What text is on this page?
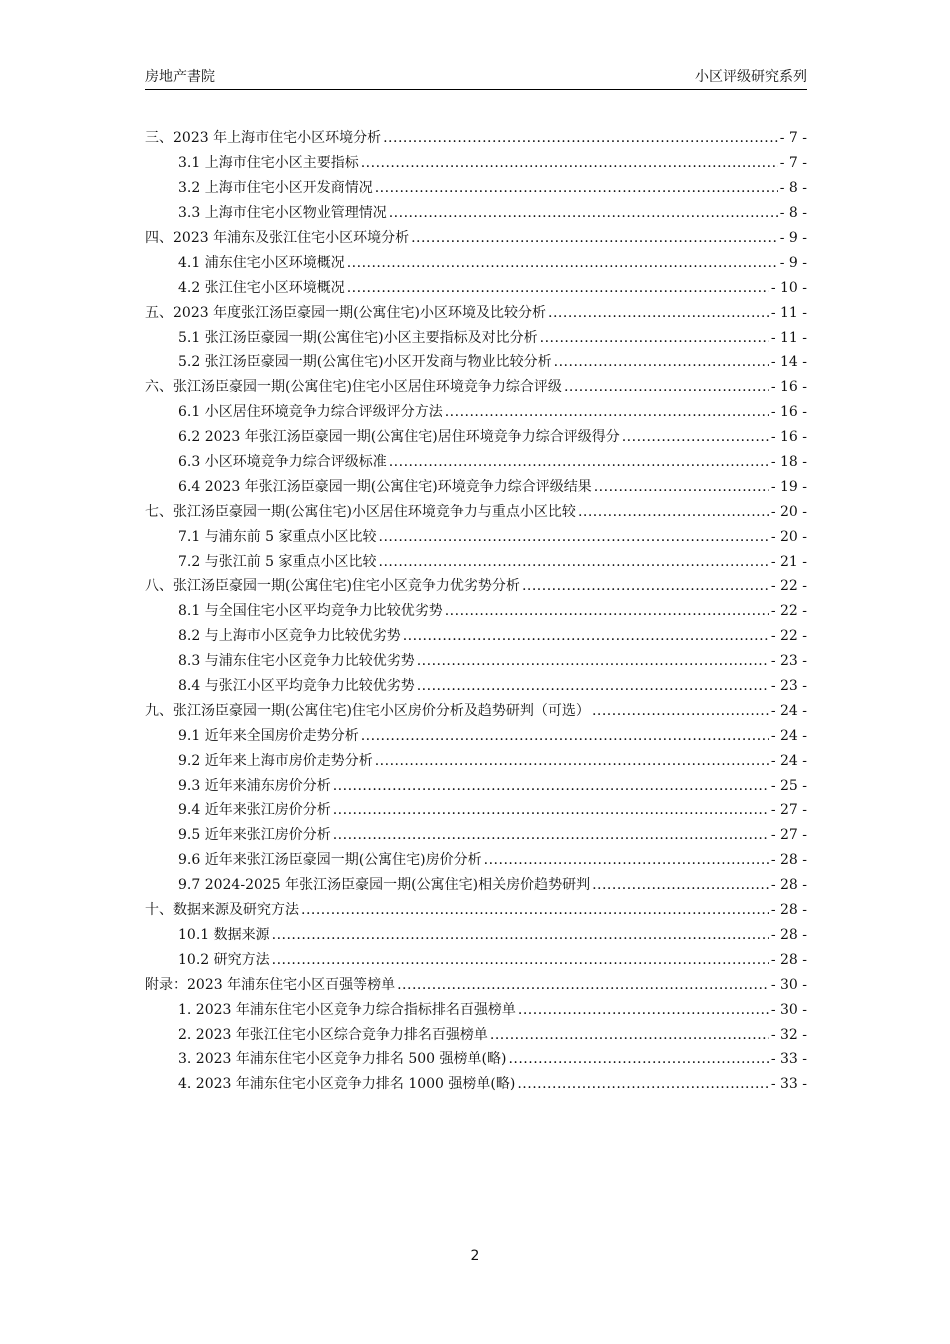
房地产書院	小区评级研究系列
三、2023 年上海市住宅小区环境分析 .....	- 7 -
3.1 上海市住宅小区主要指标 .....	- 7 -
3.2 上海市住宅小区开发商情况 .....	- 8 -
3.3 上海市住宅小区物业管理情况 .....	- 8 -
四、2023 年浦东及张江住宅小区环境分析 .....	- 9 -
4.1 浦东住宅小区环境概况 .....	- 9 -
4.2 张江住宅小区环境概况 .....	- 10 -
五、2023 年度张江汤臣豪园一期(公寓住宅)小区环境及比较分析 .....	- 11 -
5.1 张江汤臣豪园一期(公寓住宅)小区主要指标及对比分析 .....	- 11 -
5.2 张江汤臣豪园一期(公寓住宅)小区开发商与物业比较分析 .....	- 14 -
六、张江汤臣豪园一期(公寓住宅)住宅小区居住环境竞争力综合评级 .....	- 16 -
6.1 小区居住环境竞争力综合评级评分方法 .....	- 16 -
6.2 2023 年张江汤臣豪园一期(公寓住宅)居住环境竞争力综合评级得分 .....	- 16 -
6.3 小区环境竞争力综合评级标准 .....	- 18 -
6.4 2023 年张江汤臣豪园一期(公寓住宅)环境竞争力综合评级结果 .....	- 19 -
七、张江汤臣豪园一期(公寓住宅)小区居住环境竞争力与重点小区比较 .....	- 20 -
7.1 与浦东前 5 家重点小区比较 .....	- 20 -
7.2 与张江前 5 家重点小区比较 .....	- 21 -
八、张江汤臣豪园一期(公寓住宅)住宅小区竞争力优劣势分析 .....	- 22 -
8.1 与全国住宅小区平均竞争力比较优劣势 .....	- 22 -
8.2 与上海市小区竞争力比较优劣势 .....	- 22 -
8.3 与浦东住宅小区竞争力比较优劣势 .....	- 23 -
8.4 与张江小区平均竞争力比较优劣势 .....	- 23 -
九、张江汤臣豪园一期(公寓住宅)住宅小区房价分析及趋势研判（可选） .....	- 24 -
9.1 近年来全国房价走势分析 .....	- 24 -
9.2 近年来上海市房价走势分析 .....	- 24 -
9.3 近年来浦东房价分析 .....	- 25 -
9.4 近年来张江房价分析 .....	- 27 -
9.5 近年来张江房价分析 .....	- 27 -
9.6 近年来张江汤臣豪园一期(公寓住宅)房价分析 .....	- 28 -
9.7 2024-2025 年张江汤臣豪园一期(公寓住宅)相关房价趋势研判 .....	- 28 -
十、数据来源及研究方法 .....	- 28 -
10.1 数据来源 .....	- 28 -
10.2 研究方法 .....	- 28 -
附录：2023 年浦东住宅小区百强等榜单 .....	- 30 -
1. 2023 年浦东住宅小区竞争力综合指标排名百强榜单 .....	- 30 -
2. 2023 年张江住宅小区综合竞争力排名百强榜单 .....	- 32 -
3. 2023 年浦东住宅小区竞争力排名 500 强榜单(略) .....	- 33 -
4. 2023 年浦东住宅小区竞争力排名 1000 强榜单(略) .....	- 33 -
2
